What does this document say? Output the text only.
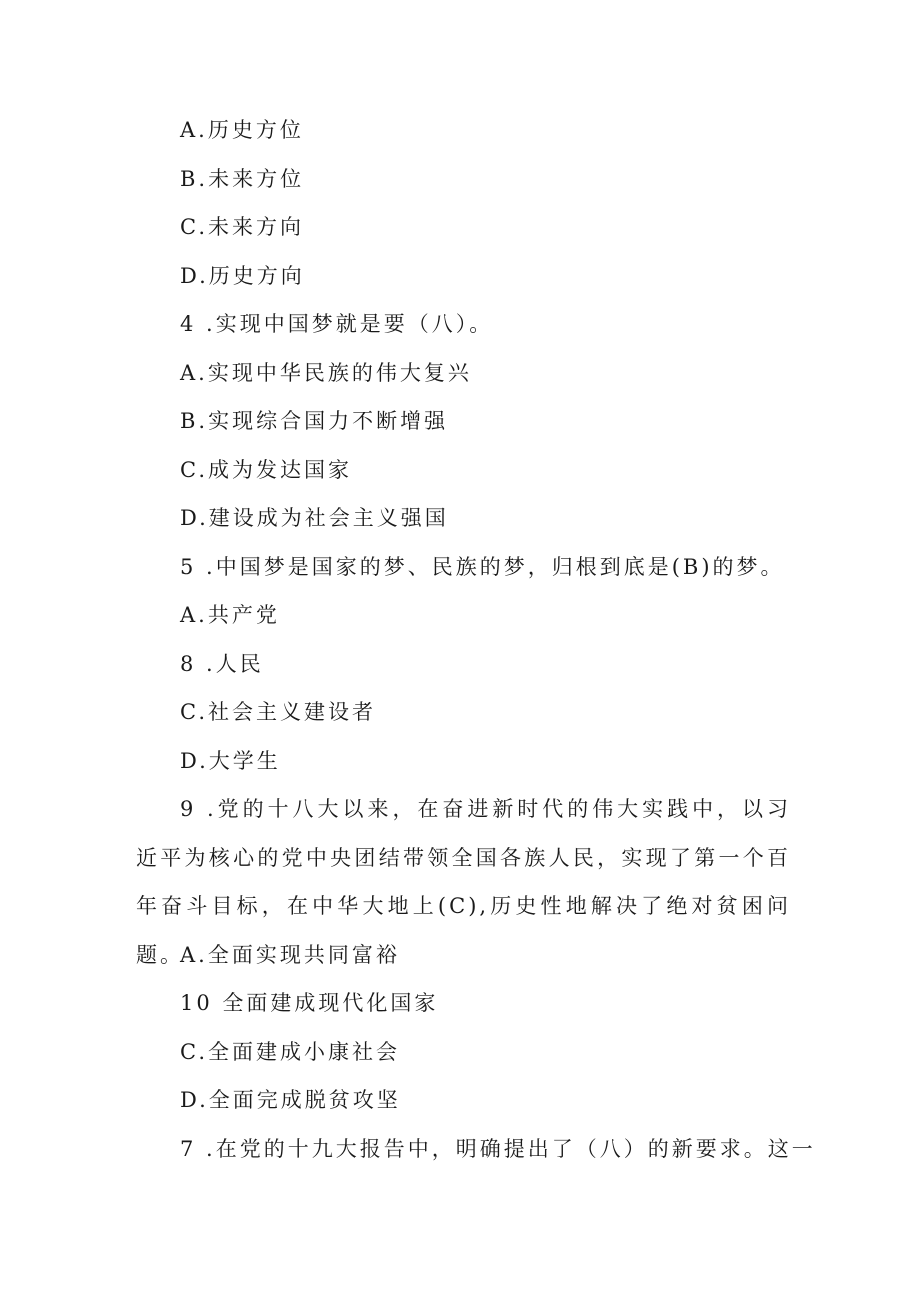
A.历史方位
B.未来方位
C.未来方向
D.历史方向
4 .实现中国梦就是要（八）。
A.实现中华民族的伟大复兴
B.实现综合国力不断增强
C.成为发达国家
D.建设成为社会主义强国
5 .中国梦是国家的梦、民族的梦，归根到底是(B)的梦。
A.共产党
8 .人民
C.社会主义建设者
D.大学生
9 .党的十八大以来，在奋进新时代的伟大实践中，以习近平为核心的党中央团结带领全国各族人民，实现了第一个百年奋斗目标，在中华大地上(C),历史性地解决了绝对贫困问题。
A.全面实现共同富裕
10 全面建成现代化国家
C.全面建成小康社会
D.全面完成脱贫攻坚
7 .在党的十九大报告中，明确提出了（八）的新要求。这一
